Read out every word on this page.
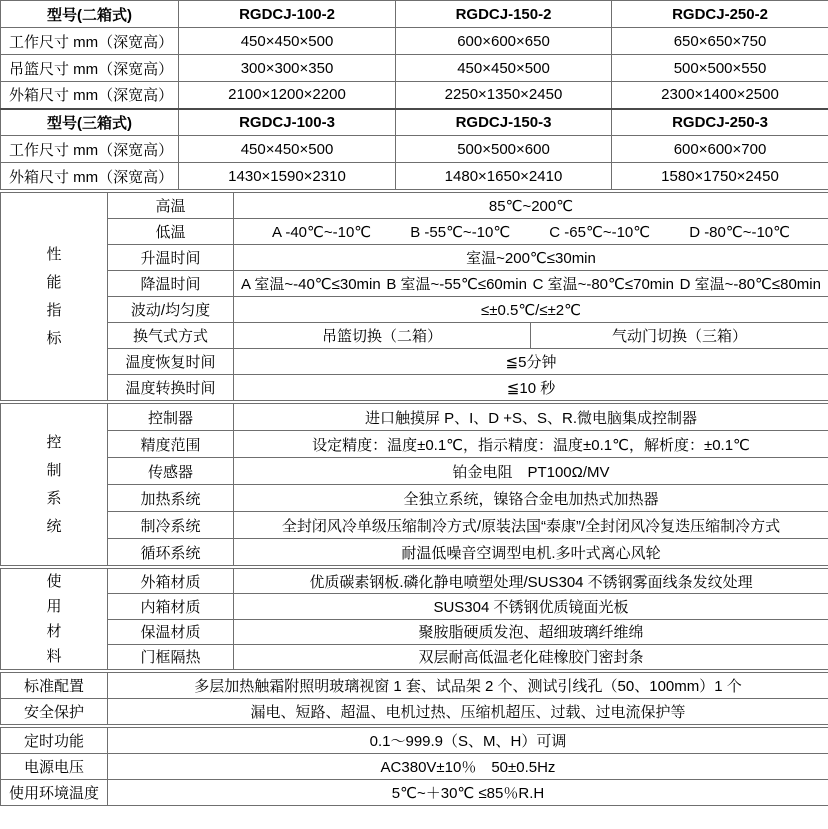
型号(二箱式)	RGDCJ-100-2	RGDCJ-150-2	RGDCJ-250-2
工作尺寸 mm（深宽高）	450×450×500	600×600×650	650×650×750
吊篮尺寸 mm（深宽高）	300×300×350	450×450×500	500×500×550
外箱尺寸 mm（深宽高）	2100×1200×2200	2250×1350×2450	2300×1400×2500
型号(三箱式)	RGDCJ-100-3	RGDCJ-150-3	RGDCJ-250-3
工作尺寸 mm（深宽高）	450×450×500	500×500×600	600×600×700
外箱尺寸 mm（深宽高）	1430×1590×2310	1480×1650×2410	1580×1750×2450
性
能
指
标	高温	85℃~200℃	
	低温	A -40℃~-10℃ B -55℃~-10℃ C -65℃~-10℃ D -80℃~-10℃	

	升温时间	室温~200℃≤30min	
	降温时间	A 室温~-40℃≤30min B 室温~-55℃≤60min C 室温~-80℃≤70min D 室温~-80℃≤80min	

	波动/均匀度	≤±0.5℃/≤±2℃	
	换气式方式	吊篮切换（二箱）	气动门切换（三箱）
	温度恢复时间	≦5分钟	
	温度转换时间	≦10 秒	
控
制
系
统	控制器	进口触摸屏 P、I、D +S、S、R.微电脑集成控制器
	精度范围	设定精度：温度±0.1℃，指示精度：温度±0.1℃，解析度：±0.1℃
	传感器	铂金电阻　PT100Ω/MV
	加热系统	全独立系统，镍铬合金电加热式加热器
	制冷系统	全封闭风冷单级压缩制冷方式/原装法国“泰康”/全封闭风冷复迭压缩制冷方式
	循环系统	耐温低噪音空调型电机.多叶式离心风轮
使
用
材
料	外箱材质	优质碳素钢板.磷化静电喷塑处理/SUS304 不锈钢雾面线条发纹处理
	内箱材质	SUS304 不锈钢优质镜面光板
	保温材质	聚胺脂硬质发泡、超细玻璃纤维绵
	门框隔热	双层耐高低温老化硅橡胶门密封条
标准配置	多层加热触霜附照明玻璃视窗 1 套、试品架 2 个、测试引线孔（50、100mm）1 个
安全保护	漏电、短路、超温、电机过热、压缩机超压、过载、过电流保护等
定时功能	0.1～999.9（S、M、H）可调
电源电压	AC380V±10％　50±0.5Hz
使用环境温度	5℃~＋30℃ ≤85％R.H
